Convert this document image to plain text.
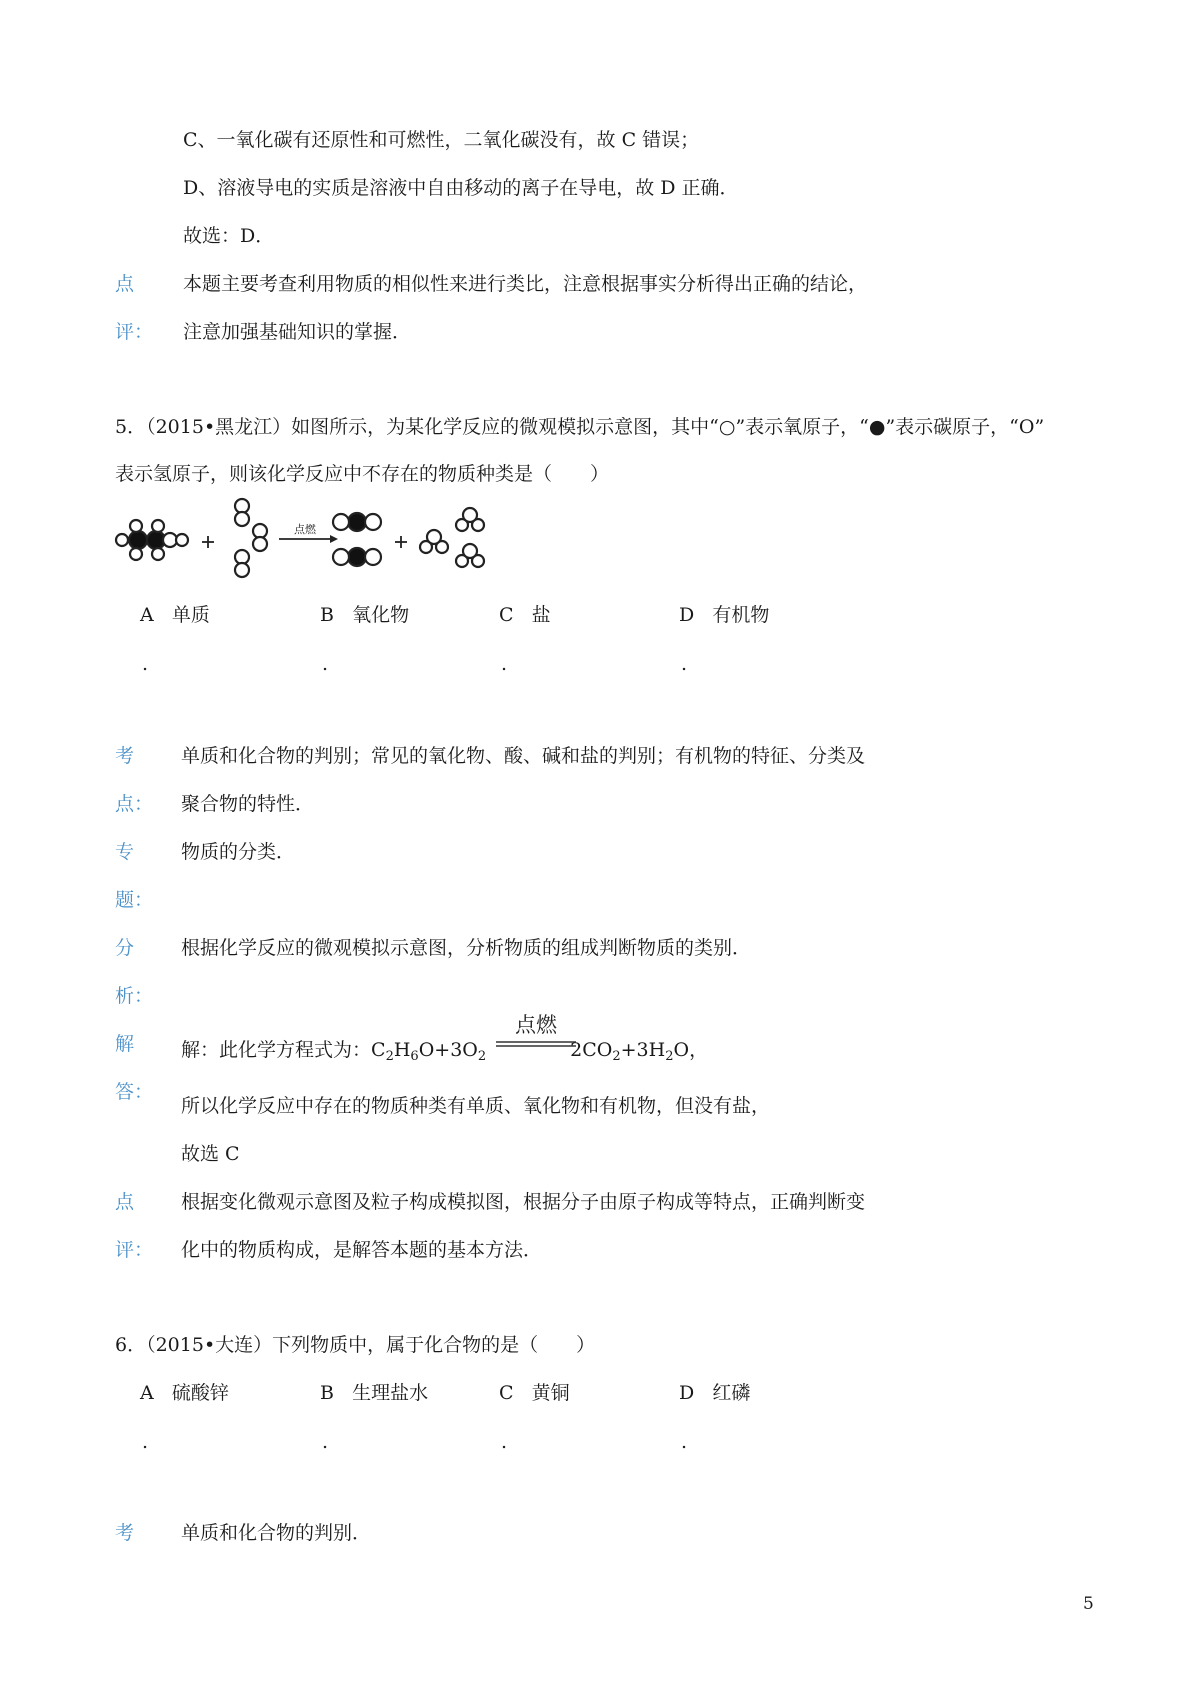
C、一氧化碳有还原性和可燃性，二氧化碳没有，故 C 错误；
D、溶液导电的实质是溶液中自由移动的离子在导电，故 D 正确．
故选：D．
点	本题主要考查利用物质的相似性来进行类比，注意根据事实分析得出正确的结论，
评： 注意加强基础知识的掌握．
5．（2015•黑龙江）如图所示，为某化学反应的微观模拟示意图，其中“○”表示氧原子，“●”表示碳原子，“O”
表示氢原子，则该化学反应中不存在的物质种类是（　　）
点燃
A 单质	B 氧化物	C 盐	D 有机物
.	.	.	.
考 单质和化合物的判别；常见的氧化物、酸、碱和盐的判别；有机物的特征、分类及
点： 聚合物的特性．
专 物质的分类．
题：
分 根据化学反应的微观模拟示意图，分析物质的组成判断物质的类别．
析：
解 解：此化学方程式为：$C_2H_6O+3O_2$	$2CO_2+3H_2O$，
点燃
答：
所以化学反应中存在的物质种类有单质、氧化物和有机物，但没有盐，
故选 C
点 根据变化微观示意图及粒子构成模拟图，根据分子由原子构成等特点，正确判断变
评： 化中的物质构成，是解答本题的基本方法．
6．（2015•大连）下列物质中，属于化合物的是（　　）
A 硫酸锌	B 生理盐水	C 黄铜	D 红磷
.	.	.	.
考 单质和化合物的判别．
5
